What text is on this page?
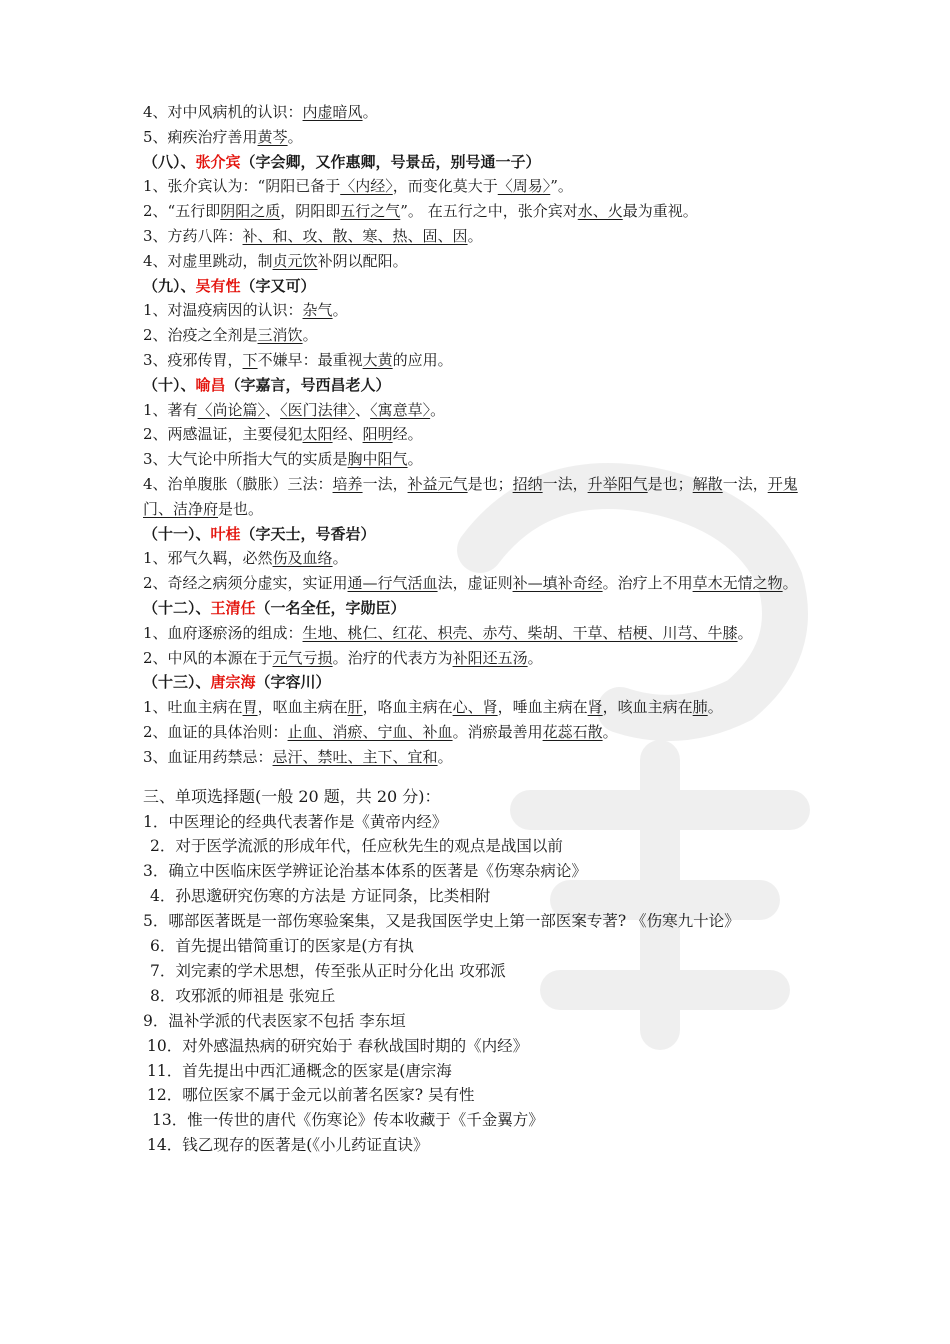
4、对中风病机的认识：内虚暗风。
5、痢疾治疗善用黄芩。
（八）、张介宾（字会卿，又作惠卿，号景岳，别号通一子）
1、张介宾认为：“阴阳已备于〈内经〉，而变化莫大于〈周易〉”。
2、“五行即阴阳之质，阴阳即五行之气”。 在五行之中，张介宾对水、火最为重视。
3、方药八阵：补、和、攻、散、寒、热、固、因。
4、对虚里跳动，制贞元饮补阴以配阳。
（九）、吴有性（字又可）
1、对温疫病因的认识：杂气。
2、治疫之全剂是三消饮。
3、疫邪传胃，下不嫌早：最重视大黄的应用。
（十）、喻昌（字嘉言，号西昌老人）
1、著有〈尚论篇〉、〈医门法律〉、〈寓意草〉。
2、两感温证，主要侵犯太阳经、阳明经。
3、大气论中所指大气的实质是胸中阳气。
4、治单腹胀（臌胀）三法：培养一法，补益元气是也；招纳一法，升举阳气是也；解散一法，开鬼门、洁净府是也。
（十一）、叶桂（字天士，号香岩）
1、邪气久羁，必然伤及血络。
2、奇经之病须分虚实，实证用通—行气活血法，虚证则补—填补奇经。治疗上不用草木无情之物。
（十二）、王清任（一名全任，字勋臣）
1、血府逐瘀汤的组成：生地、桃仁、红花、枳壳、赤芍、柴胡、干草、桔梗、川芎、牛膝。
2、中风的本源在于元气亏损。治疗的代表方为补阳还五汤。
（十三）、唐宗海（字容川）
1、吐血主病在胃，呕血主病在肝，咯血主病在心、肾，唾血主病在肾，咳血主病在肺。
2、血证的具体治则：止血、消瘀、宁血、补血。消瘀最善用花蕊石散。
3、血证用药禁忌：忌汗、禁吐、主下、宜和。
三、单项选择题(一般 20 题，共 20 分)：
1．中医理论的经典代表著作是《黄帝内经》
2．对于医学流派的形成年代，任应秋先生的观点是战国以前
3．确立中医临床医学辨证论治基本体系的医著是《伤寒杂病论》
4．孙思邈研究伤寒的方法是 方证同条，比类相附
5．哪部医著既是一部伤寒验案集，又是我国医学史上第一部医案专著? 《伤寒九十论》
6．首先提出错简重订的医家是(方有执
7．刘完素的学术思想，传至张从正时分化出 攻邪派
8．攻邪派的师祖是 张宛丘
9．温补学派的代表医家不包括 李东垣
10．对外感温热病的研究始于 春秋战国时期的《内经》
11．首先提出中西汇通概念的医家是(唐宗海
12．哪位医家不属于金元以前著名医家? 吴有性
13．惟一传世的唐代《伤寒论》传本收藏于《千金翼方》
14．钱乙现存的医著是(《小儿药证直诀》
